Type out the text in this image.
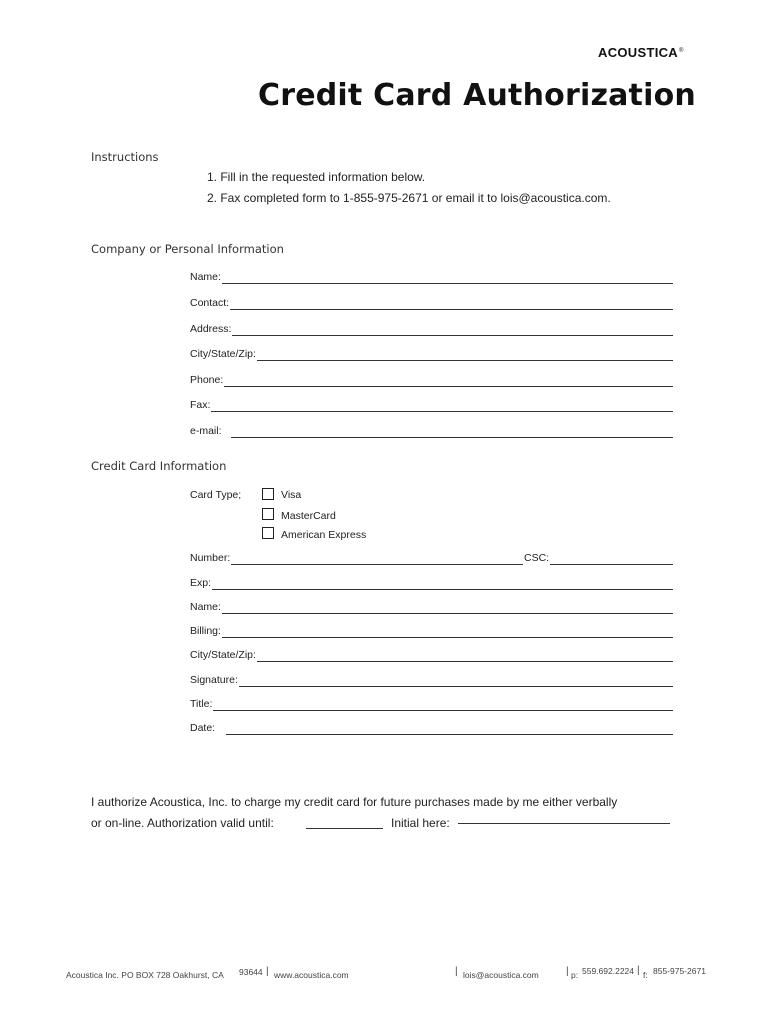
ACOUSTICA®
Credit Card Authorization
Instructions
1. Fill in the requested information below.
2. Fax completed form to 1-855-975-2671 or email it to lois@acoustica.com.
Company or Personal Information
Name:
Contact:
Address:
City/State/Zip:
Phone:
Fax:
e-mail:
Credit Card Information
Card Type;	Visa
MasterCard
American Express
Number:	CSC:
Exp:
Name:
Billing:
City/State/Zip:
Signature:
Title:
Date:
I authorize Acoustica, Inc. to charge my credit card for future purchases made by me either verbally
or on-line. Authorization valid until:	Initial here:
Acoustica Inc. PO BOX 728 Oakhurst, CA 93644 | www.acoustica.com	| lois@acoustica.com	| p: 559.692.2224 | f: 855-975-2671
